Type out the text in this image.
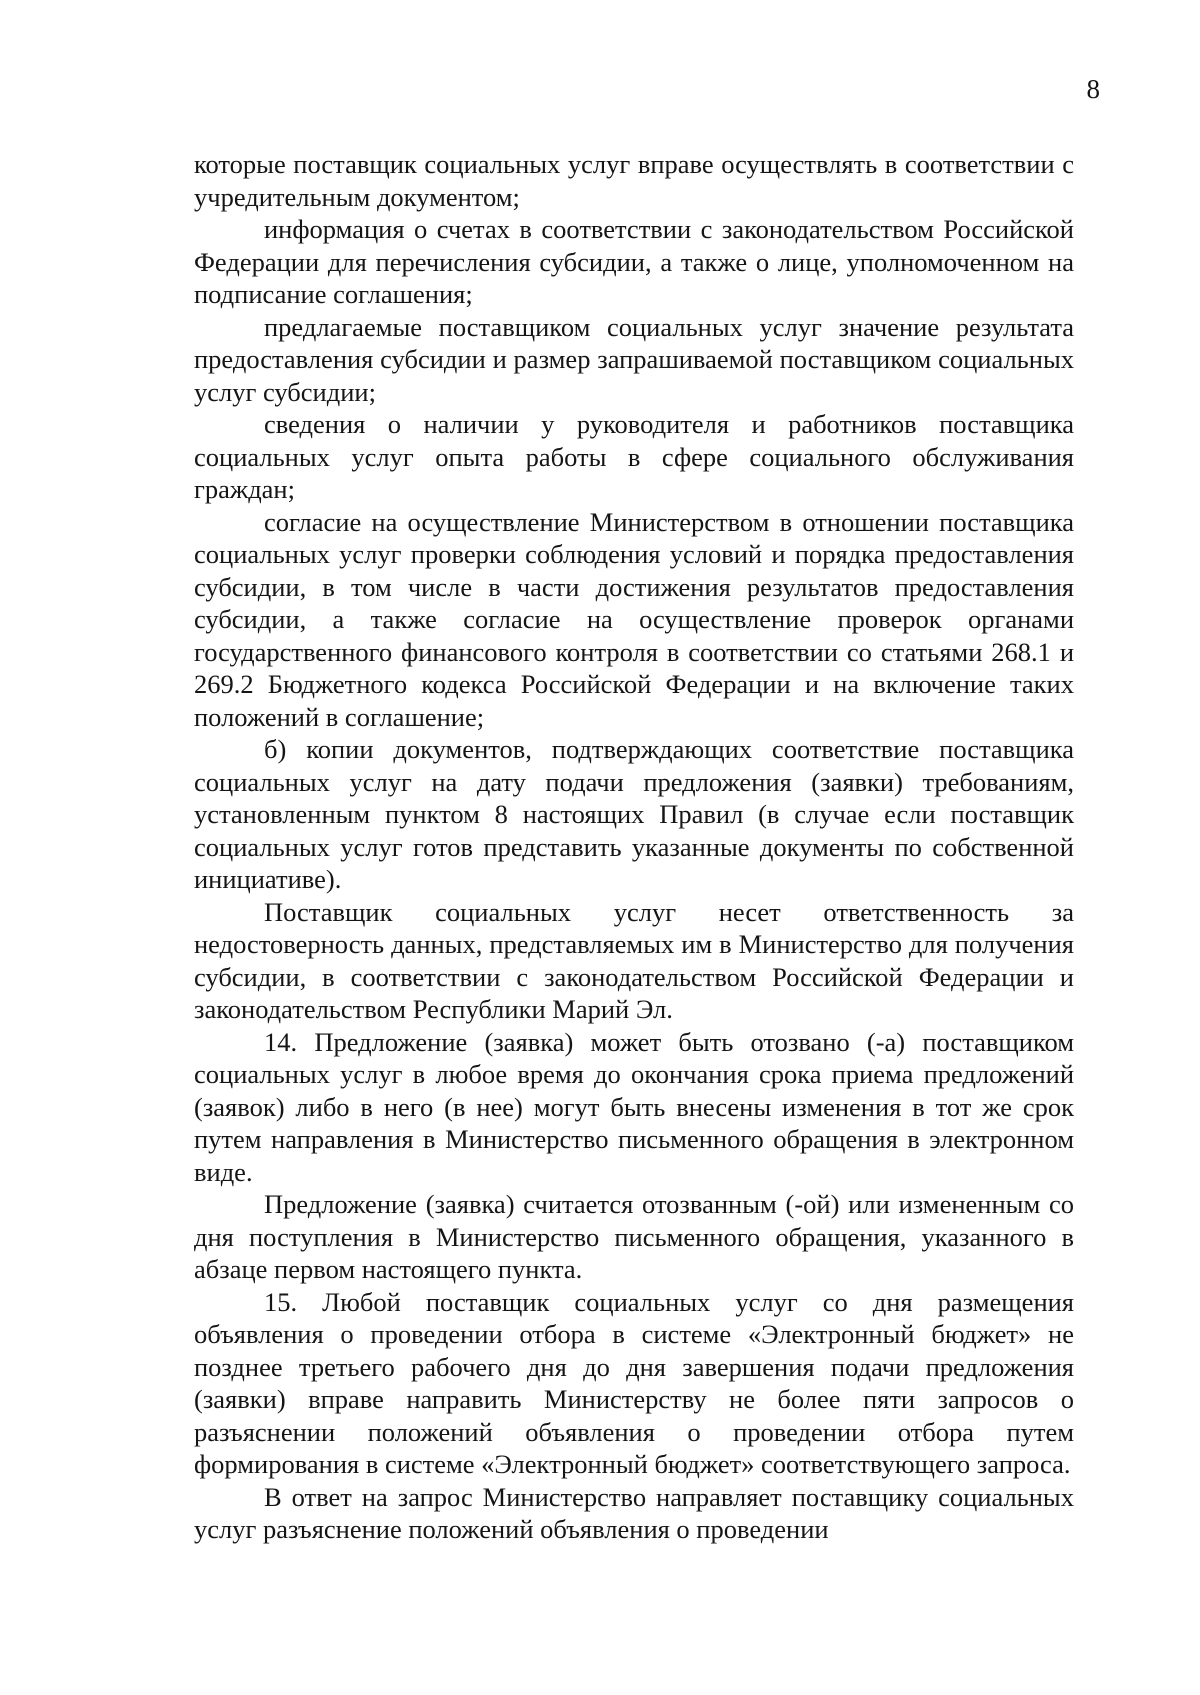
8

которые поставщик социальных услуг вправе осуществлять в соответствии с учредительным документом;

информация о счетах в соответствии с законодательством Российской Федерации для перечисления субсидии, а также о лице, уполномоченном на подписание соглашения;

предлагаемые поставщиком социальных услуг значение результата предоставления субсидии и размер запрашиваемой поставщиком социальных услуг субсидии;

сведения о наличии у руководителя и работников поставщика социальных услуг опыта работы в сфере социального обслуживания граждан;

согласие на осуществление Министерством в отношении поставщика социальных услуг проверки соблюдения условий и порядка предоставления субсидии, в том числе в части достижения результатов предоставления субсидии, а также согласие на осуществление проверок органами государственного финансового контроля в соответствии со статьями 268.1 и 269.2 Бюджетного кодекса Российской Федерации и на включение таких положений в соглашение;

б) копии документов, подтверждающих соответствие поставщика социальных услуг на дату подачи предложения (заявки) требованиям, установленным пунктом 8 настоящих Правил (в случае если поставщик социальных услуг готов представить указанные документы по собственной инициативе).

Поставщик социальных услуг несет ответственность за недостоверность данных, представляемых им в Министерство для получения субсидии, в соответствии с законодательством Российской Федерации и законодательством Республики Марий Эл.

14. Предложение (заявка) может быть отозвано (-а) поставщиком социальных услуг в любое время до окончания срока приема предложений (заявок) либо в него (в нее) могут быть внесены изменения в тот же срок путем направления в Министерство письменного обращения в электронном виде.

Предложение (заявка) считается отозванным (-ой) или измененным со дня поступления в Министерство письменного обращения, указанного в абзаце первом настоящего пункта.

15. Любой поставщик социальных услуг со дня размещения объявления о проведении отбора в системе «Электронный бюджет» не позднее третьего рабочего дня до дня завершения подачи предложения (заявки) вправе направить Министерству не более пяти запросов о разъяснении положений объявления о проведении отбора путем формирования в системе «Электронный бюджет» соответствующего запроса.

В ответ на запрос Министерство направляет поставщику социальных услуг разъяснение положений объявления о проведении
